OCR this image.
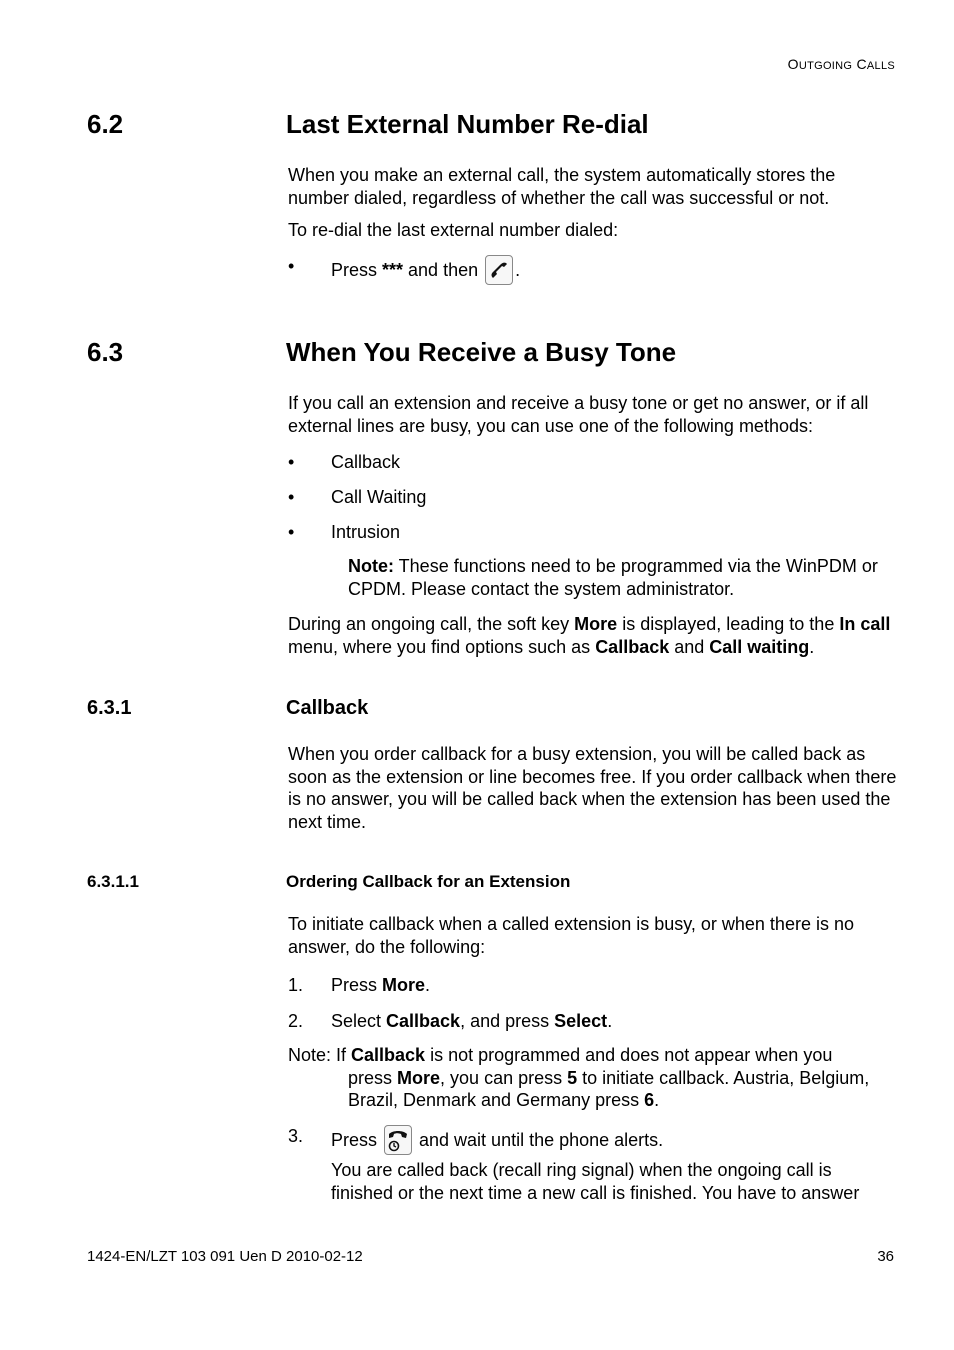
OUTGOING CALLS
6.2	Last External Number Re-dial
When you make an external call, the system automatically stores the number dialed, regardless of whether the call was successful or not.
To re-dial the last external number dialed:
• Press *** and then
.
6.3	When You Receive a Busy Tone
If you call an extension and receive a busy tone or get no answer, or if all external lines are busy, you can use one of the following methods:
• Callback
• Call Waiting
• Intrusion
Note: These functions need to be programmed via the WinPDM or CPDM. Please contact the system administrator.
During an ongoing call, the soft key More is displayed, leading to the In call menu, where you find options such as Callback and Call waiting.
6.3.1	Callback
When you order callback for a busy extension, you will be called back as soon as the extension or line becomes free. If you order callback when there is no answer, you will be called back when the extension has been used the next time.
6.3.1.1	Ordering Callback for an Extension
To initiate callback when a called extension is busy, or when there is no answer, do the following:
1. Press More.
2. Select Callback, and press Select.
Note: If Callback is not programmed and does not appear when you
press More, you can press 5 to initiate callback. Austria, Belgium, Brazil, Denmark and Germany press 6.
3. Press
and wait until the phone alerts.
You are called back (recall ring signal) when the ongoing call is finished or the next time a new call is finished. You have to answer
1424-EN/LZT 103 091 Uen D 2010-02-12	36
